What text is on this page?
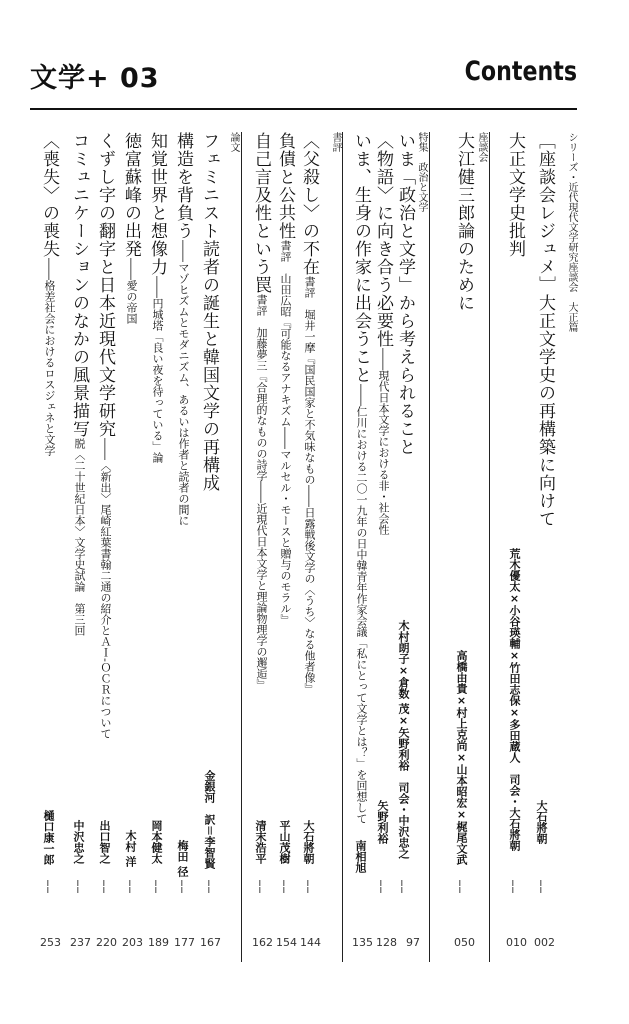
文学+ 03	Contents
シリーズ・近代現代文学研究座談会　大正篇
座談会
特集　政治と文学
書評
論文	［座談会レジュメ］大正文学史の再構築に向けて
大石將朝
……
002
大正文学史批判
荒木優太×小谷瑛輔×竹田志保×多田蔵人　司会・大石將朝
……
010
大江健三郎論のために
高橋由貴×村上克尚×山本昭宏×梶尾文武
……
050
いま「政治と文学」から考えられること
木村朗子×倉数 茂×矢野利裕　司会・中沢忠之
……
97
〈物語〉に向き合う必要性――現代日本文学における非・社会性
矢野利裕
……
128
いま、生身の作家に出会うこと――仁川における二〇一九年の日中韓青年作家会議「私にとって文学とは？」を回想して
南相旭
135
〈父殺し〉の不在書評　堀井一摩『国民国家と不気味なもの――日露戦後文学の〈うち〉なる他者像』
大石將朝
……
144
負債と公共性書評　山田広昭『可能なるアナキズム――マルセル・モースと贈与のモラル』
平山茂樹
……
154
自己言及性という罠書評　加藤夢三『合理的なものの詩学――近現代日本文学と理論物理学の邂逅』
清末浩平
……
162
フェミニスト読者の誕生と韓国文学の再構成
金銀河　訳＝李智賢
……
167
構造を背負う――マゾヒズムとモダニズム、あるいは作者と読者の間に
梅田 径
……
177
知覚世界と想像力――円城塔「良い夜を待っている」論
岡本健太
……
189
徳富蘇峰の出発――愛の帝国
木村 洋
……
203
くずし字の翻字と日本近現代文学研究――〈新出〉尾崎紅葉書翰二通の紹介とＡＩ‐ＯＣＲについて
出口智之
……
220
コミュニケーションのなかの風景描写脱〈二十世紀日本〉文学史試論　第三回
中沢忠之
……
237
〈喪失〉の喪失――格差社会におけるロスジェネと文学
樋口康一郎
……
253
